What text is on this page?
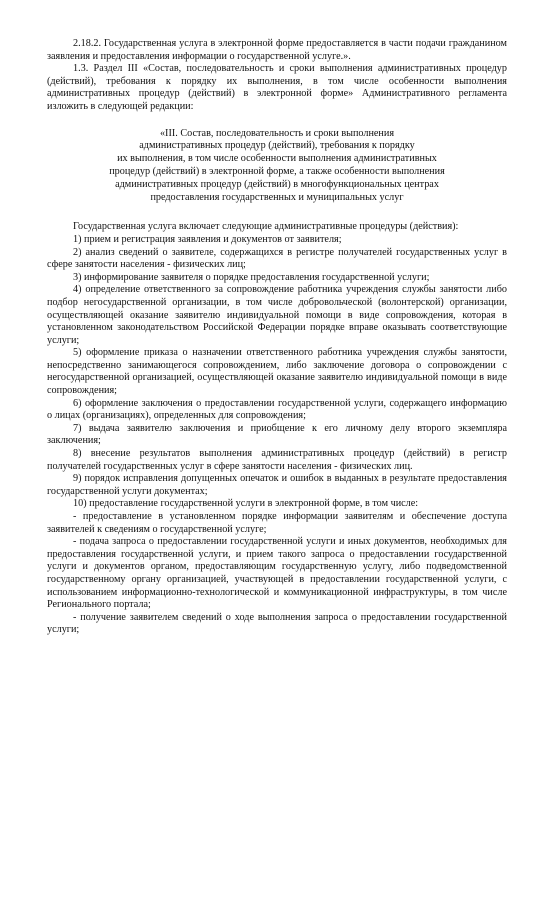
2.18.2. Государственная услуга в электронной форме предоставляется в части подачи гражданином заявления и предоставления информации о государственной услуге.».

1.3. Раздел III «Состав, последовательность и сроки выполнения административных процедур (действий), требования к порядку их выполнения, в том числе особенности выполнения административных процедур (действий) в электронной форме» Административного регламента изложить в следующей редакции:

«III. Состав, последовательность и сроки выполнения
административных процедур (действий), требования к порядку
их выполнения, в том числе особенности выполнения административных
процедур (действий) в электронной форме, а также особенности выполнения
административных процедур (действий) в многофункциональных центрах
предоставления государственных и муниципальных услуг

Государственная услуга включает следующие административные процедуры (действия):

1) прием и регистрация заявления и документов от заявителя;

2) анализ сведений о заявителе, содержащихся в регистре получателей государственных услуг в сфере занятости населения - физических лиц;

3) информирование заявителя о порядке предоставления государственной услуги;

4) определение ответственного за сопровождение работника учреждения службы занятости либо подбор негосударственной организации, в том числе добровольческой (волонтерской) организации, осуществляющей оказание заявителю индивидуальной помощи в виде сопровождения, которая в установленном законодательством Российской Федерации порядке вправе оказывать соответствующие услуги;

5) оформление приказа о назначении ответственного работника учреждения службы занятости, непосредственно занимающегося сопровождением, либо заключение договора о сопровождении с негосударственной организацией, осуществляющей оказание заявителю индивидуальной помощи в виде сопровождения;

6) оформление заключения о предоставлении государственной услуги, содержащего информацию о лицах (организациях), определенных для сопровождения;

7) выдача заявителю заключения и приобщение к его личному делу второго экземпляра заключения;

8) внесение результатов выполнения административных процедур (действий) в регистр получателей государственных услуг в сфере занятости населения - физических лиц.

9) порядок исправления допущенных опечаток и ошибок в выданных в результате предоставления государственной услуги документах;

10) предоставление государственной услуги в электронной форме, в том числе:

- предоставление в установленном порядке информации заявителям и обеспечение доступа заявителей к сведениям о государственной услуге;

- подача запроса о предоставлении государственной услуги и иных документов, необходимых для предоставления государственной услуги, и прием такого запроса о предоставлении государственной услуги и документов органом, предоставляющим государственную услугу, либо подведомственной государственному органу организацией, участвующей в предоставлении государственной услуги, с использованием информационно-технологической и коммуникационной инфраструктуры, в том числе Регионального портала;

- получение заявителем сведений о ходе выполнения запроса о предоставлении государственной услуги;
